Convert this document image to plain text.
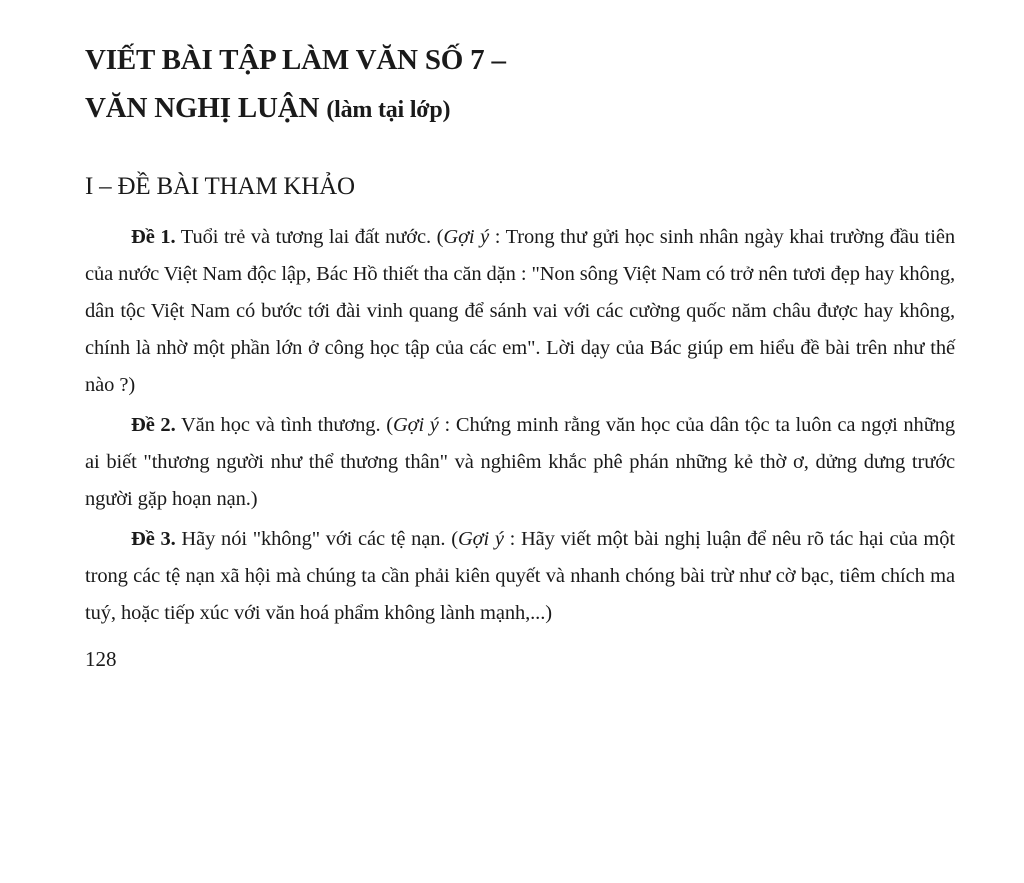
VIẾT BÀI TẬP LÀM VĂN SỐ 7 –
VĂN NGHỊ LUẬN (làm tại lớp)
I – ĐỀ BÀI THAM KHẢO

Đề 1. Tuổi trẻ và tương lai đất nước. (Gợi ý : Trong thư gửi học sinh nhân ngày khai trường đầu tiên của nước Việt Nam độc lập, Bác Hồ thiết tha căn dặn : "Non sông Việt Nam có trở nên tươi đẹp hay không, dân tộc Việt Nam có bước tới đài vinh quang để sánh vai với các cường quốc năm châu được hay không, chính là nhờ một phần lớn ở công học tập của các em". Lời dạy của Bác giúp em hiểu đề bài trên như thế nào ?)

Đề 2. Văn học và tình thương. (Gợi ý : Chứng minh rằng văn học của dân tộc ta luôn ca ngợi những ai biết "thương người như thể thương thân" và nghiêm khắc phê phán những kẻ thờ ơ, dửng dưng trước người gặp hoạn nạn.)

Đề 3. Hãy nói "không" với các tệ nạn. (Gợi ý : Hãy viết một bài nghị luận để nêu rõ tác hại của một trong các tệ nạn xã hội mà chúng ta cần phải kiên quyết và nhanh chóng bài trừ như cờ bạc, tiêm chích ma tuý, hoặc tiếp xúc với văn hoá phẩm không lành mạnh,...)

128
